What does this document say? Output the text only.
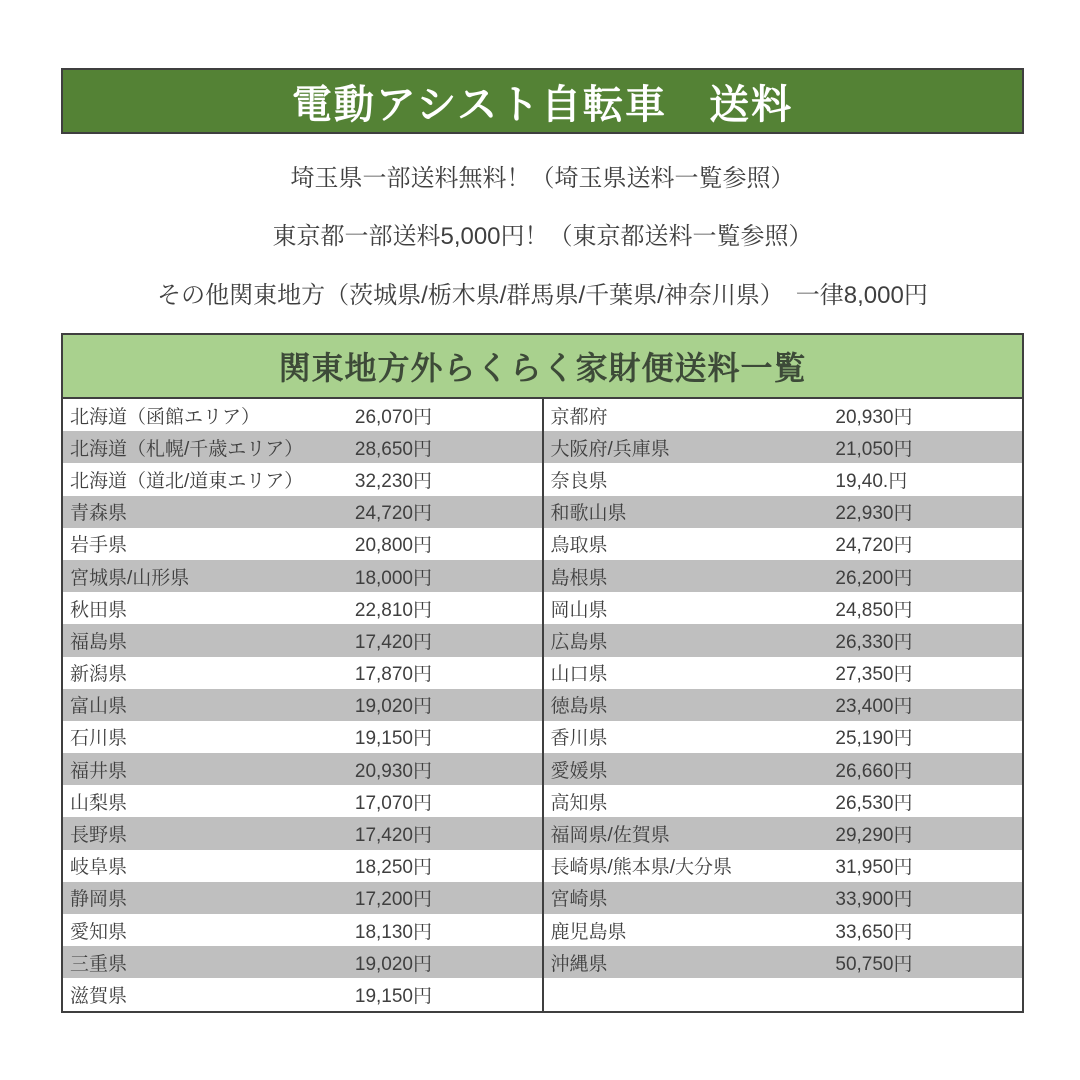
電動アシスト自転車　送料

埼玉県一部送料無料！（埼玉県送料一覧参照）

東京都一部送料5,000円！（東京都送料一覧参照）

その他関東地方（茨城県/栃木県/群馬県/千葉県/神奈川県）　一律8,000円

関東地方外らくらく家財便送料一覧
北海道（函館エリア）	26,070円
北海道（札幌/千歳エリア）	28,650円
北海道（道北/道東エリア）	32,230円
青森県	24,720円
岩手県	20,800円
宮城県/山形県	18,000円
秋田県	22,810円
福島県	17,420円
新潟県	17,870円
富山県	19,020円
石川県	19,150円
福井県	20,930円
山梨県	17,070円
長野県	17,420円
岐阜県	18,250円
静岡県	17,200円
愛知県	18,130円
三重県	19,020円
滋賀県	19,150円
京都府	20,930円
大阪府/兵庫県	21,050円
奈良県	19,40.円
和歌山県	22,930円
鳥取県	24,720円
島根県	26,200円
岡山県	24,850円
広島県	26,330円
山口県	27,350円
徳島県	23,400円
香川県	25,190円
愛媛県	26,660円
高知県	26,530円
福岡県/佐賀県	29,290円
長崎県/熊本県/大分県	31,950円
宮崎県	33,900円
鹿児島県	33,650円
沖縄県	50,750円
